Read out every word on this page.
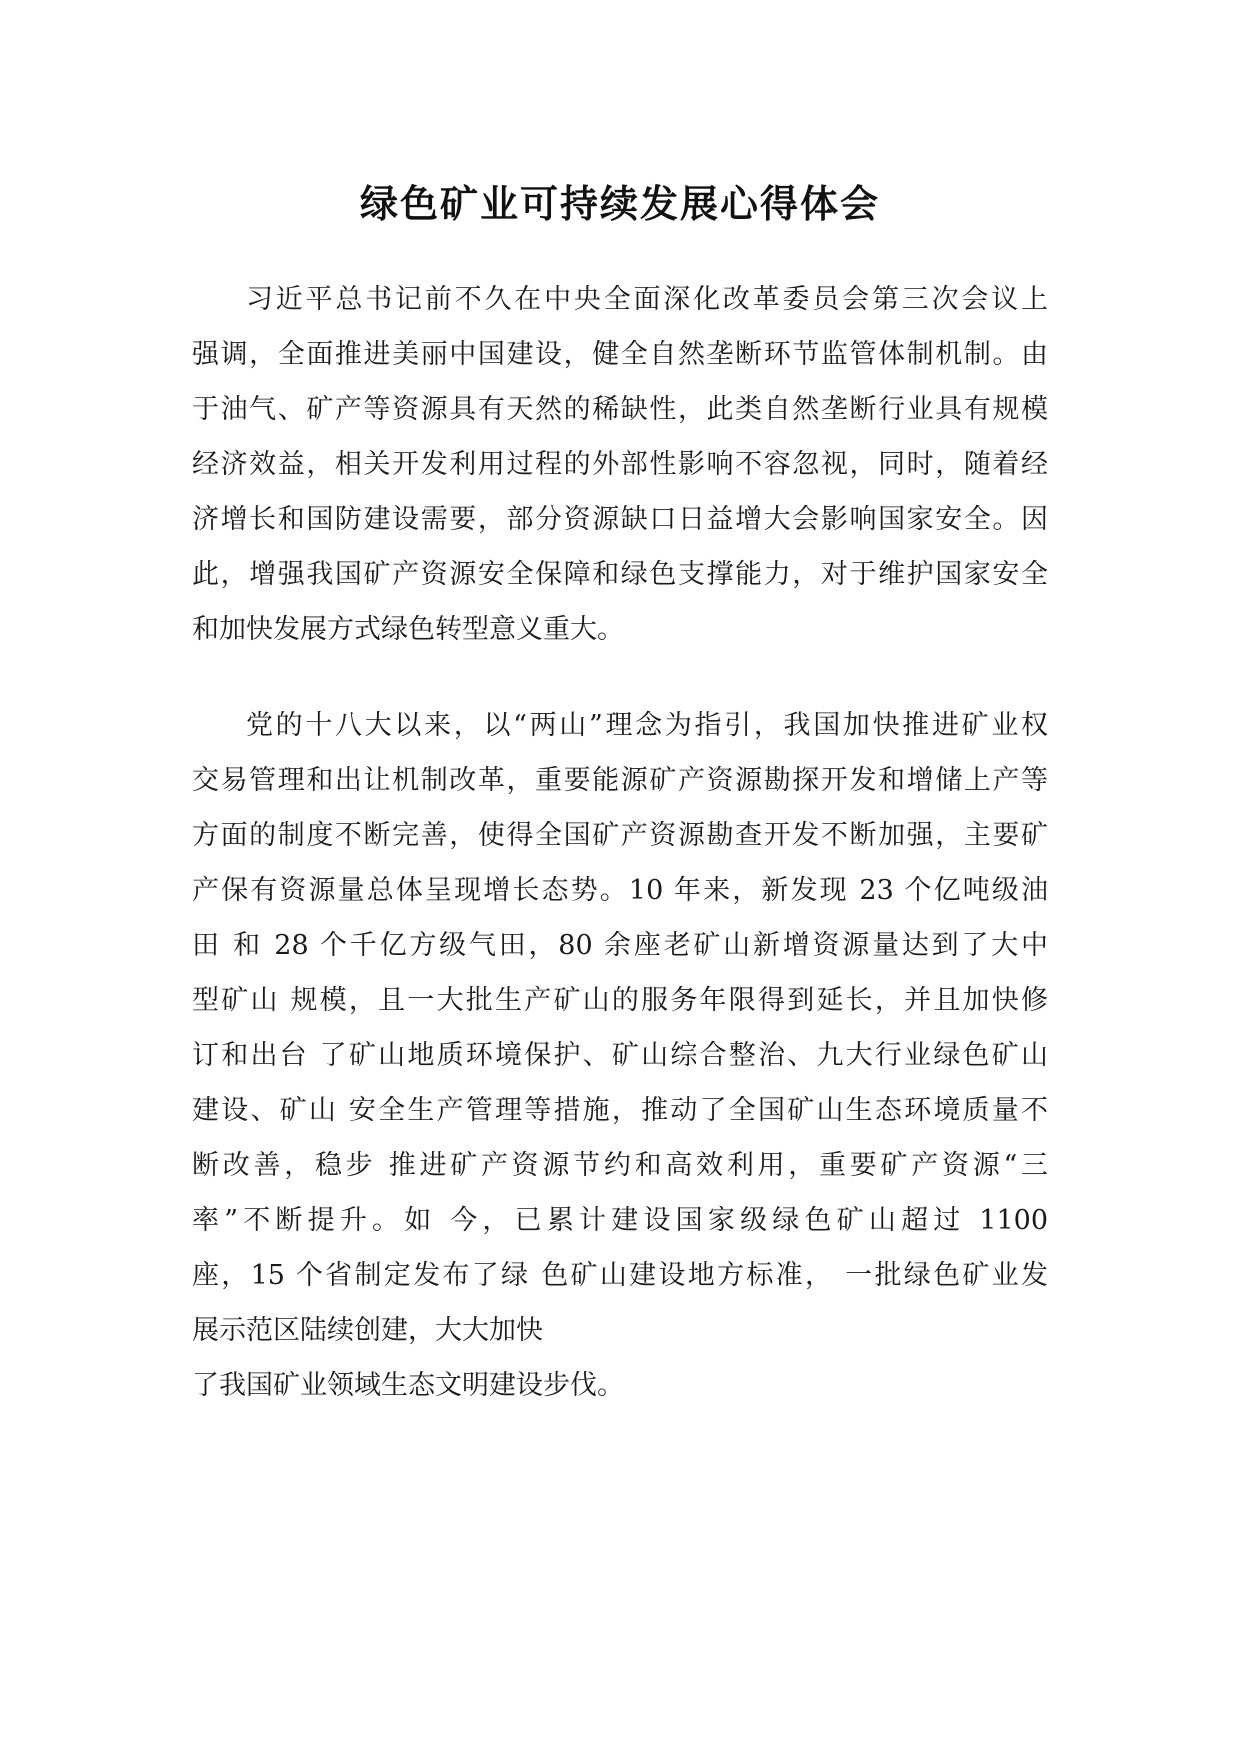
绿色矿业可持续发展心得体会
习近平总书记前不久在中央全面深化改革委员会第三次会议上
强调，全面推进美丽中国建设，健全自然垄断环节监管体制机制。由
于油气、矿产等资源具有天然的稀缺性，此类自然垄断行业具有规模
经济效益，相关开发利用过程的外部性影响不容忽视，同时，随着经
济增长和国防建设需要，部分资源缺口日益增大会影响国家安全。因
此，增强我国矿产资源安全保障和绿色支撑能力，对于维护国家安全
和加快发展方式绿色转型意义重大。
党的十八大以来，以“两山”理念为指引，我国加快推进矿业权
交易管理和出让机制改革，重要能源矿产资源勘探开发和增储上产等
方面的制度不断完善，使得全国矿产资源勘查开发不断加强，主要矿
产保有资源量总体呈现增长态势。10 年来，新发现 23 个亿吨级油
田 和 28 个千亿方级气田，80 余座老矿山新增资源量达到了大中
型矿山 规模，且一大批生产矿山的服务年限得到延长，并且加快修
订和出台 了矿山地质环境保护、矿山综合整治、九大行业绿色矿山
建设、矿山 安全生产管理等措施，推动了全国矿山生态环境质量不
断改善，稳步 推进矿产资源节约和高效利用，重要矿产资源“三
率”不断提升。如 今，已累计建设国家级绿色矿山超过 1100
座，15 个省制定发布了绿 色矿山建设地方标准， 一批绿色矿业发
展示范区陆续创建，大大加快
了我国矿业领域生态文明建设步伐。
